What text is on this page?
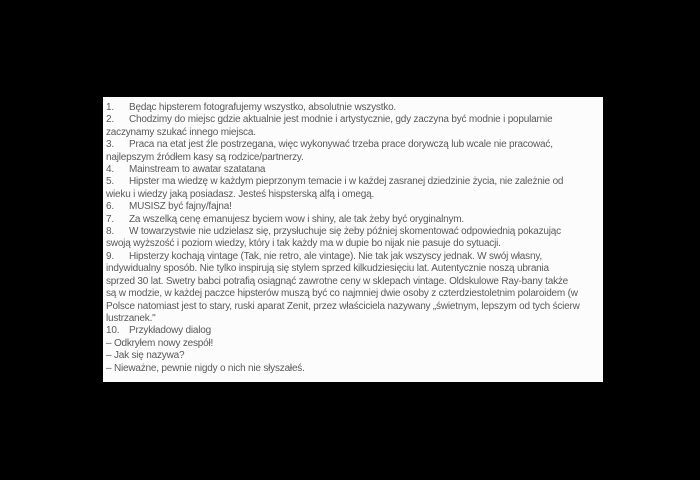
1. Będąc hipsterem fotografujemy wszystko, absolutnie wszystko.
2. Chodzimy do miejsc gdzie aktualnie jest modnie i artystycznie, gdy zaczyna być modnie i popularnie
zaczynamy szukać innego miejsca.
3. Praca na etat jest źle postrzegana, więc wykonywać trzeba prace dorywczą lub wcale nie pracować,
najlepszym źródłem kasy są rodzice/partnerzy.
4. Mainstream to awatar szatatana
5. Hipster ma wiedzę w każdym pieprzonym temacie i w każdej zasranej dziedzinie życia, nie zależnie od
wieku i wiedzy jaką posiadasz. Jesteś hispsterską alfą i omegą.
6. MUSISZ być fajny/fajna!
7. Za wszelką cenę emanujesz byciem wow i shiny, ale tak żeby być oryginalnym.
8. W towarzystwie nie udzielasz się, przysłuchuje się żeby później skomentować odpowiednią pokazując
swoją wyższość i poziom wiedzy, który i tak każdy ma w dupie bo nijak nie pasuje do sytuacji.
9. Hipsterzy kochają vintage (Tak, nie retro, ale vintage). Nie tak jak wszyscy jednak. W swój własny,
indywidualny sposób. Nie tylko inspirują się stylem sprzed kilkudziesięciu lat. Autentycznie noszą ubrania
sprzed 30 lat. Swetry babci potrafią osiągnąć zawrotne ceny w sklepach vintage. Oldskulowe Ray-bany także
są w modzie, w każdej paczce hipsterów muszą być co najmniej dwie osoby z czterdziestoletnim polaroidem (w
Polsce natomiast jest to stary, ruski aparat Zenit, przez właściciela nazywany „świetnym, lepszym od tych ścierw
lustrzanek."
10. Przykładowy dialog
– Odkryłem nowy zespół!
– Jak się nazywa?
– Nieważne, pewnie nigdy o nich nie słyszałeś.
